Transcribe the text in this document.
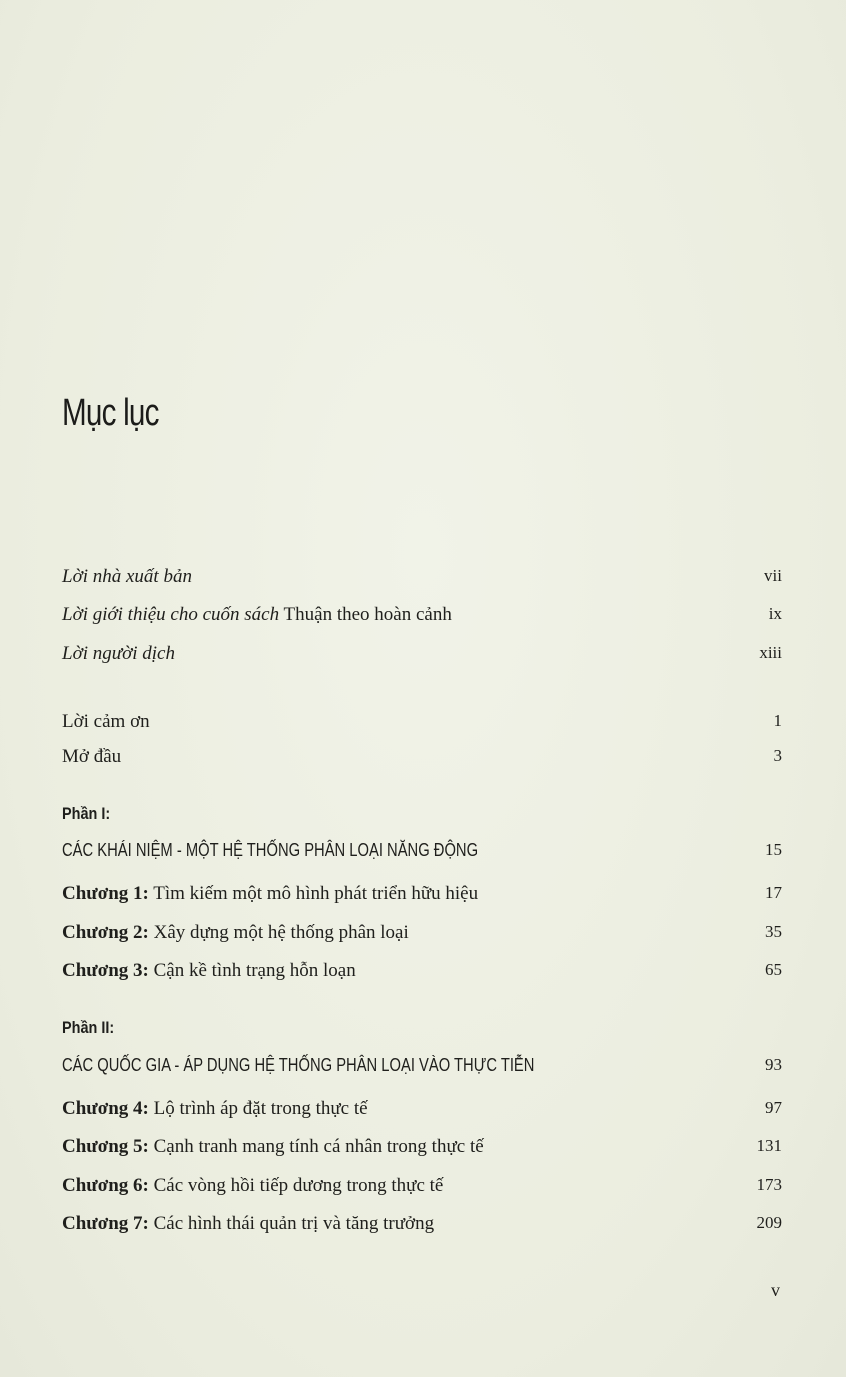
Mục lục
Lời nhà xuất bản	vii
Lời giới thiệu cho cuốn sách Thuận theo hoàn cảnh	ix
Lời người dịch	xiii
Lời cảm ơn	1
Mở đầu	3
Phần I:
CÁC KHÁI NIỆM - MỘT HỆ THỐNG PHÂN LOẠI NĂNG ĐỘNG	15
Chương 1: Tìm kiếm một mô hình phát triển hữu hiệu	17
Chương 2: Xây dựng một hệ thống phân loại	35
Chương 3: Cận kề tình trạng hỗn loạn	65
Phần II:
CÁC QUỐC GIA - ÁP DỤNG HỆ THỐNG PHÂN LOẠI VÀO THỰC TIỄN	93
Chương 4: Lộ trình áp đặt trong thực tế	97
Chương 5: Cạnh tranh mang tính cá nhân trong thực tế	131
Chương 6: Các vòng hồi tiếp dương trong thực tế	173
Chương 7: Các hình thái quản trị và tăng trưởng	209
v
